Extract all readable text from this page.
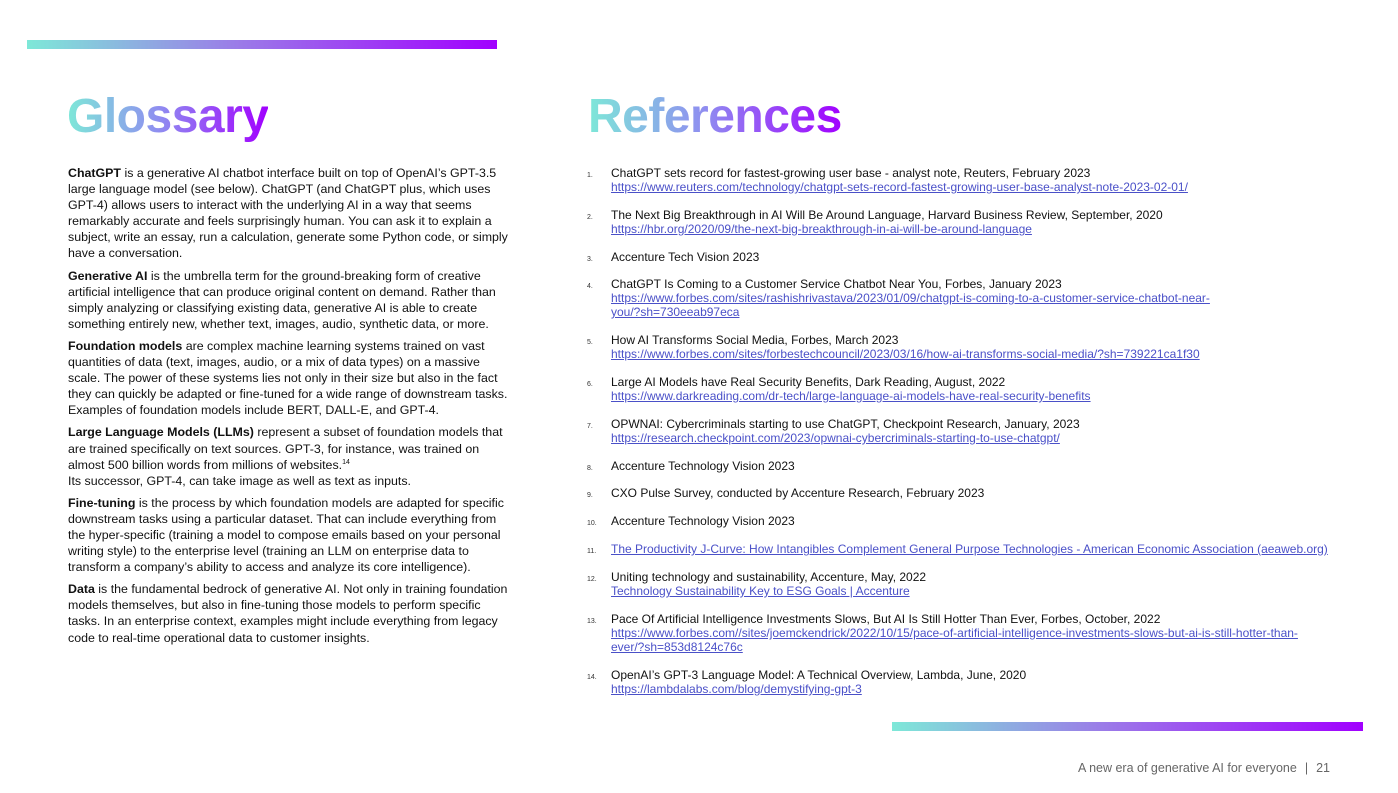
Glossary	References

ChatGPT is a generative AI chatbot interface built on top of OpenAI’s GPT-3.5 large language model (see below). ChatGPT (and ChatGPT plus, which uses GPT-4) allows users to interact with the underlying AI in a way that seems remarkably accurate and feels surprisingly human. You can ask it to explain a subject, write an essay, run a calculation, generate some Python code, or simply have a conversation.

Generative AI is the umbrella term for the ground-breaking form of creative artificial intelligence that can produce original content on demand. Rather than simply analyzing or classifying existing data, generative AI is able to create something entirely new, whether text, images, audio, synthetic data, or more.

Foundation models are complex machine learning systems trained on vast quantities of data (text, images, audio, or a mix of data types) on a massive scale. The power of these systems lies not only in their size but also in the fact they can quickly be adapted or fine-tuned for a wide range of downstream tasks. Examples of foundation models include BERT, DALL-E, and GPT-4.

Large Language Models (LLMs) represent a subset of foundation models that are trained specifically on text sources. GPT-3, for instance, was trained on almost 500 billion words from millions of websites.$^{14}$
Its successor, GPT-4, can take image as well as text as inputs.

Fine-tuning is the process by which foundation models are adapted for specific downstream tasks using a particular dataset. That can include everything from the hyper-specific (training a model to compose emails based on your personal writing style) to the enterprise level (training an LLM on enterprise data to transform a company’s ability to access and analyze its core intelligence).

Data is the fundamental bedrock of generative AI. Not only in training foundation models themselves, but also in fine-tuning those models to perform specific tasks. In an enterprise context, examples might include everything from legacy code to real-time operational data to customer insights.

1. ChatGPT sets record for fastest-growing user base - analyst note, Reuters, February 2023
https://www.reuters.com/technology/chatgpt-sets-record-fastest-growing-user-base-analyst-note-2023-02-01/
2. The Next Big Breakthrough in AI Will Be Around Language, Harvard Business Review, September, 2020
https://hbr.org/2020/09/the-next-big-breakthrough-in-ai-will-be-around-language
3. Accenture Tech Vision 2023
4. ChatGPT Is Coming to a Customer Service Chatbot Near You, Forbes, January 2023
https://www.forbes.com/sites/rashishrivastava/2023/01/09/chatgpt-is-coming-to-a-customer-service-chatbot-near-
you/?sh=730eeab97eca
5. How AI Transforms Social Media, Forbes, March 2023
https://www.forbes.com/sites/forbestechcouncil/2023/03/16/how-ai-transforms-social-media/?sh=739221ca1f30
6. Large AI Models have Real Security Benefits, Dark Reading, August, 2022
https://www.darkreading.com/dr-tech/large-language-ai-models-have-real-security-benefits
7. OPWNAI: Cybercriminals starting to use ChatGPT, Checkpoint Research, January, 2023
https://research.checkpoint.com/2023/opwnai-cybercriminals-starting-to-use-chatgpt/
8. Accenture Technology Vision 2023
9. CXO Pulse Survey, conducted by Accenture Research, February 2023
10. Accenture Technology Vision 2023
11. The Productivity J-Curve: How Intangibles Complement General Purpose Technologies - American Economic Association (aeaweb.org)
12. Uniting technology and sustainability, Accenture, May, 2022
Technology Sustainability Key to ESG Goals | Accenture
13. Pace Of Artificial Intelligence Investments Slows, But AI Is Still Hotter Than Ever, Forbes, October, 2022
https://www.forbes.com//sites/joemckendrick/2022/10/15/pace-of-artificial-intelligence-investments-slows-but-ai-is-still-hotter-than-
ever/?sh=853d8124c76c
14. OpenAI’s GPT-3 Language Model: A Technical Overview, Lambda, June, 2020
https://lambdalabs.com/blog/demystifying-gpt-3
A new era of generative AI for everyone | 21
